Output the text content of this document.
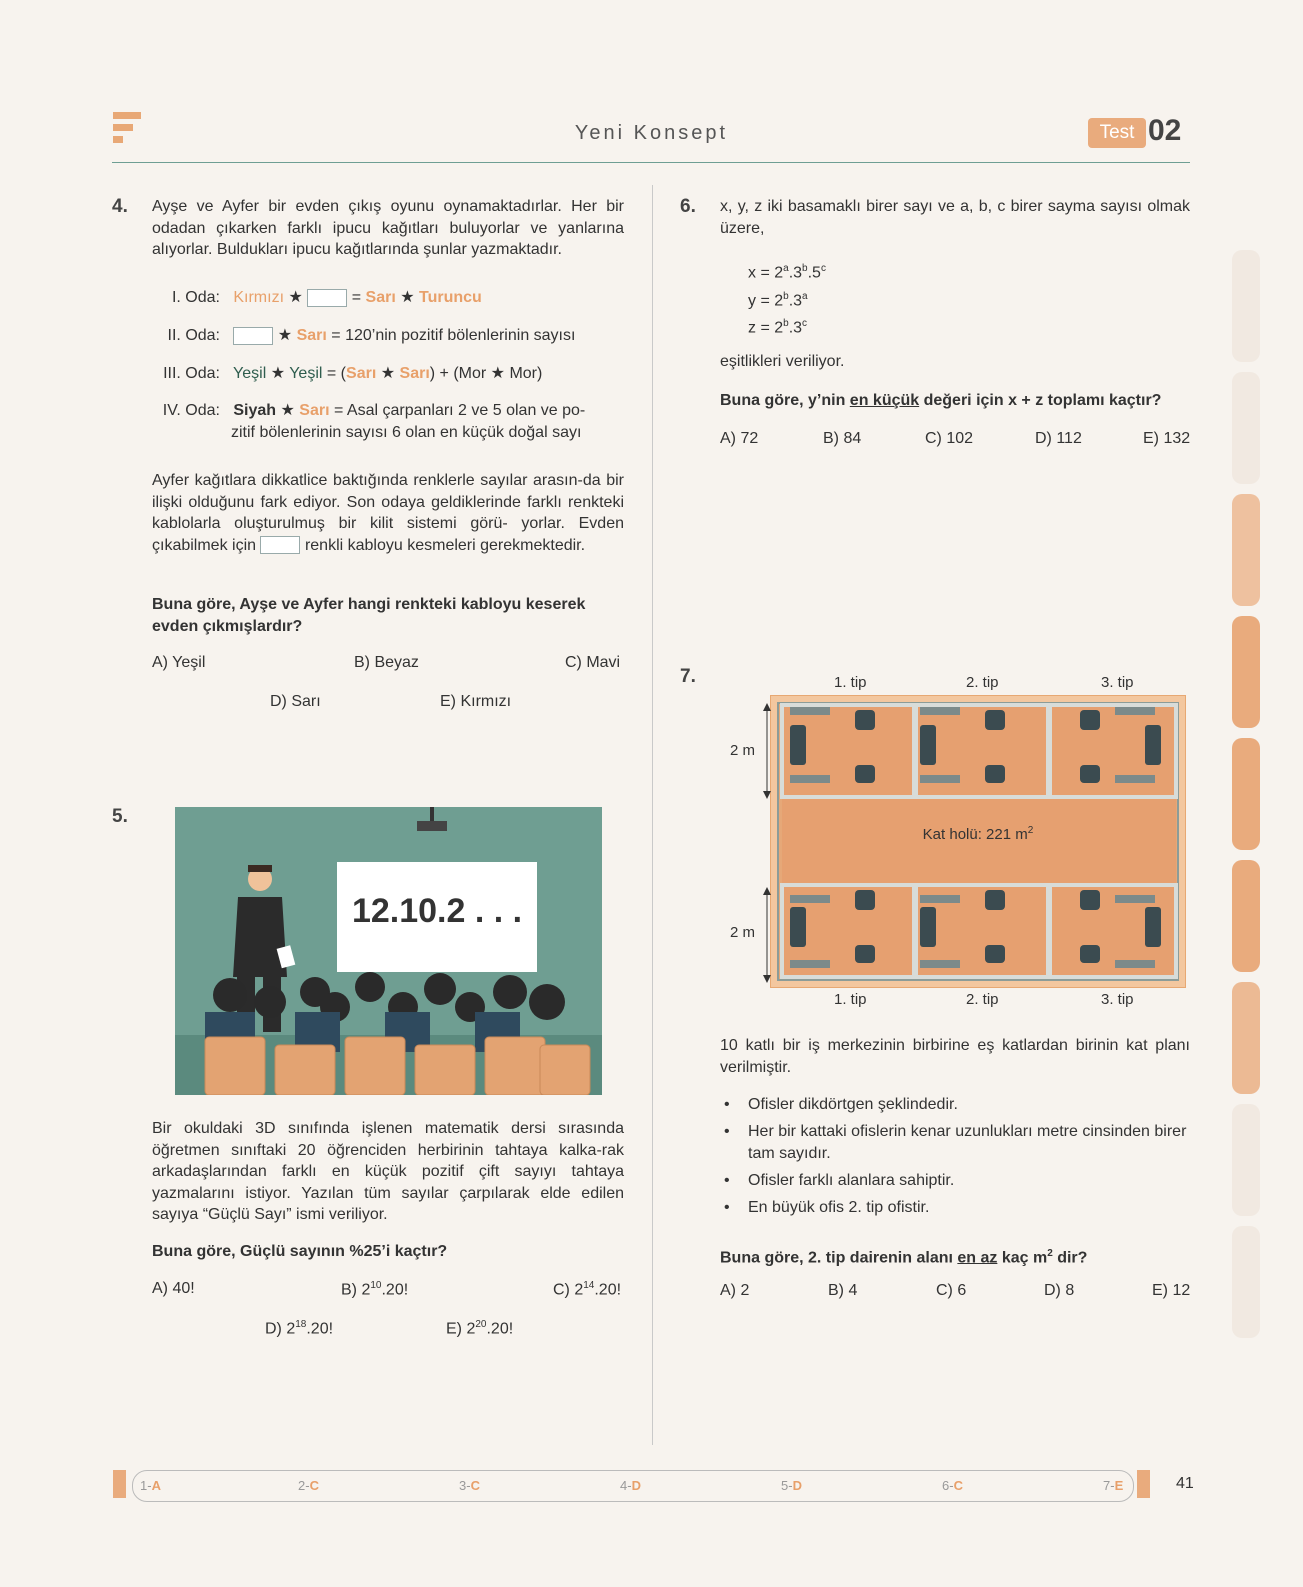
Yeni Konsept	Test 02
4. Ayşe ve Ayfer bir evden çıkış oyunu oynamaktadırlar. Her bir odadan çıkarken farklı ipucu kağıtları buluyorlar ve yanlarına alıyorlar. Buldukları ipucu kağıtlarında şunlar yazmaktadır.
I. Oda: Kırmızı ★	= Sarı ★ Turuncu
II. Oda:	★ Sarı = 120’nin pozitif bölenlerinin sayısı
III. Oda: Yeşil ★ Yeşil = (Sarı ★ Sarı) + (Mor ★ Mor)
IV. Oda: Siyah ★ Sarı = Asal çarpanları 2 ve 5 olan ve po-
zitif bölenlerinin sayısı 6 olan en küçük doğal sayı
Ayfer kağıtlara dikkatlice baktığında renklerle sayılar arasın-da bir ilişki olduğunu fark ediyor. Son odaya geldiklerinde farklı renkteki kablolarla oluşturulmuş bir kilit sistemi görü- yorlar. Evden çıkabilmek için	renkli kabloyu kesmeleri gerekmektedir.
Buna göre, Ayşe ve Ayfer hangi renkteki kabloyu keserek evden çıkmışlardır?
A) Yeşil	B) Beyaz	C) Mavi
D) Sarı	E) Kırmızı
5.
12.10.2 . . .
Bir okuldaki 3D sınıfında işlenen matematik dersi sırasında öğretmen sınıftaki 20 öğrenciden herbirinin tahtaya kalka-rak arkadaşlarından farklı en küçük pozitif çift sayıyı tahtaya yazmalarını istiyor. Yazılan tüm sayılar çarpılarak elde edilen sayıya “Güçlü Sayı” ismi veriliyor.
Buna göre, Güçlü sayının %25’i kaçtır?
A) 40!	B) $2^{10}.20$!	C) $2^{14}.20$!
D) $2^{18}.20$!	E) $2^{20}.20$!
6. x, y, z iki basamaklı birer sayı ve a, b, c birer sayma sayısı olmak üzere,
$x = 2^a.3^b.5^c$
$y = 2^b.3^a$
$z = 2^b.3^c$
eşitlikleri veriliyor.
Buna göre, y’nin en küçük değeri için x + z toplamı kaçtır?
A) 72	B) 84	C) 102	D) 112	E) 132
7.	1. tip	2. tip	3. tip
Kat holü: 221 $m^2$
2 m
2 m
1. tip	2. tip	3. tip
10 katlı bir iş merkezinin birbirine eş katlardan birinin kat planı verilmiştir.
• Ofisler dikdörtgen şeklindedir.
• Her bir kattaki ofislerin kenar uzunlukları metre cinsinden birer tam sayıdır.
• Ofisler farklı alanlara sahiptir.
• En büyük ofis 2. tip ofistir.
Buna göre, 2. tip dairenin alanı en az kaç $m^2$ dir?
A) 2	B) 4	C) 6	D) 8	E) 12
1-A	2-C	3-C	4-D	5-D	6-C	7-E	41
